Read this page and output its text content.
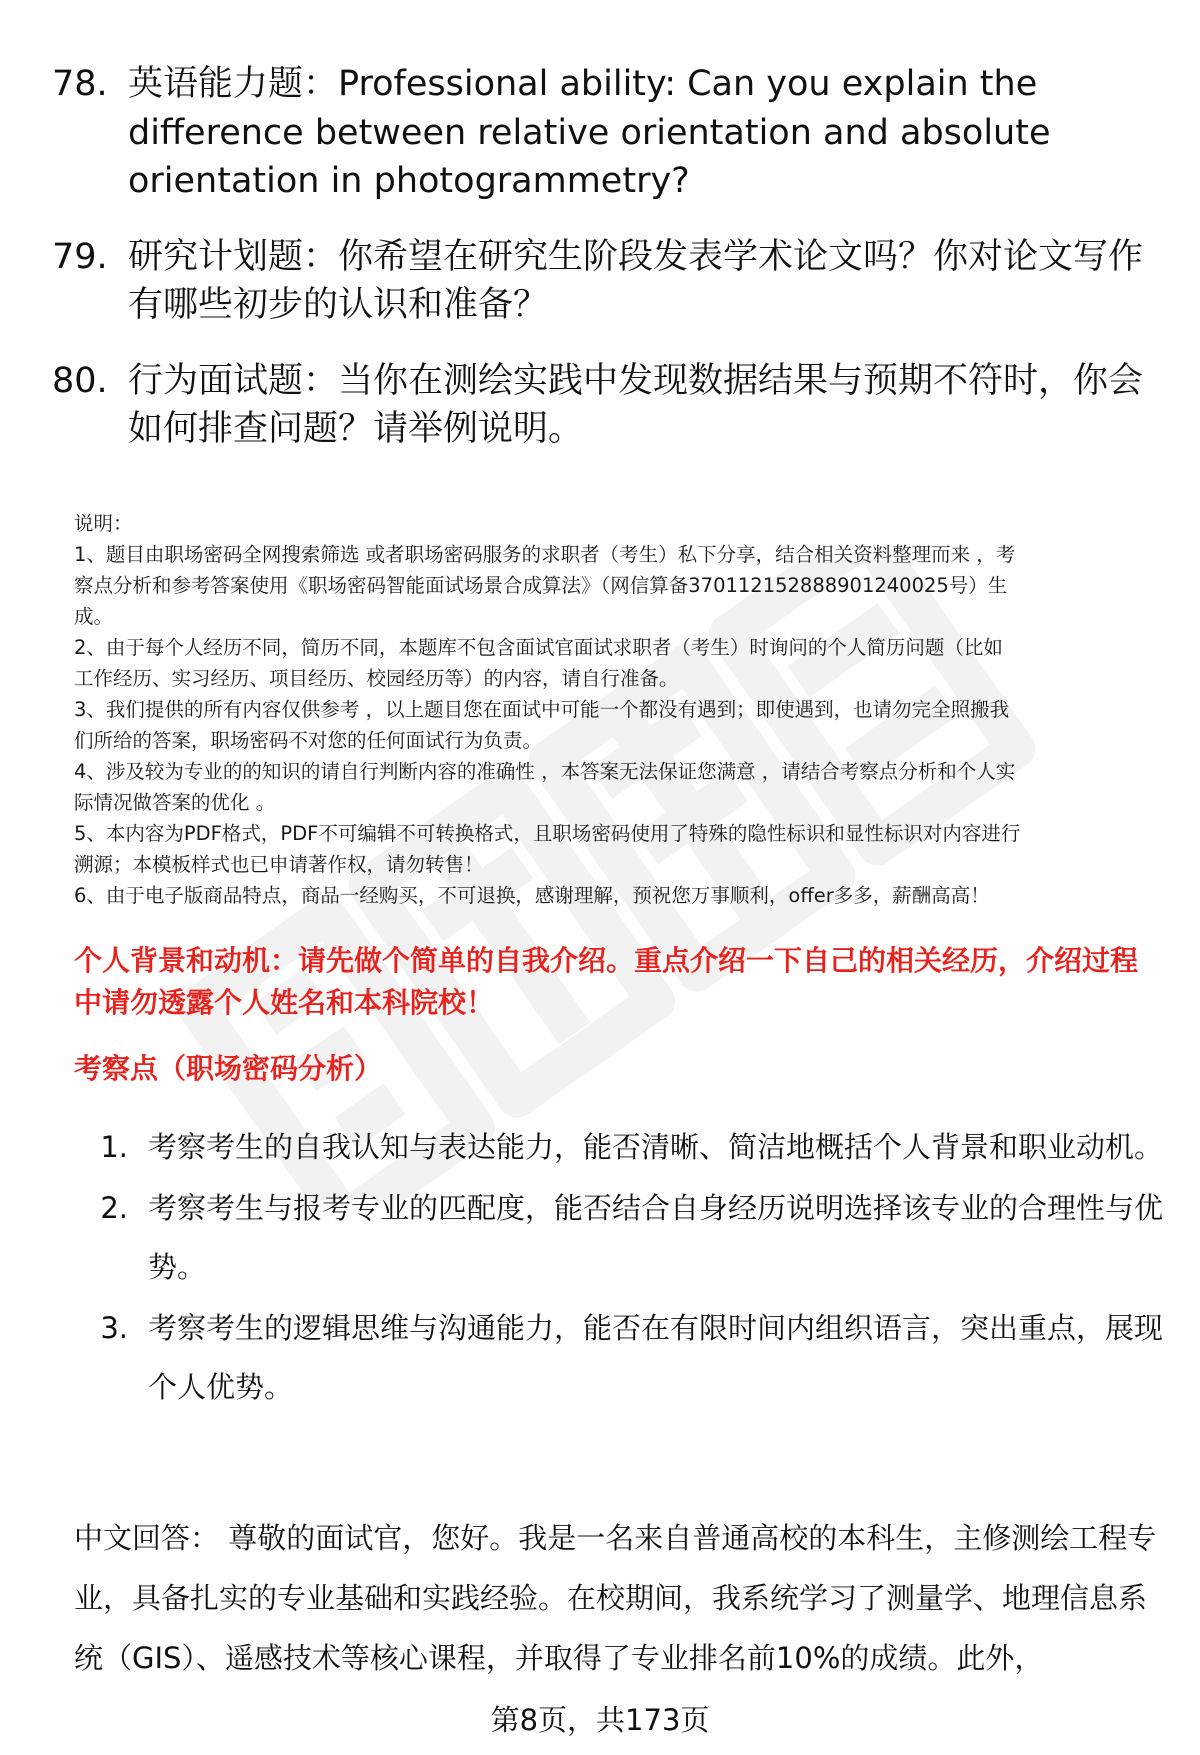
78. 英语能力题：Professional ability: Can you explain the difference between relative orientation and absolute orientation in photogrammetry?
79. 研究计划题：你希望在研究生阶段发表学术论文吗？你对论文写作有哪些初步的认识和准备？
80. 行为面试题：当你在测绘实践中发现数据结果与预期不符时，你会如何排查问题？请举例说明。

说明：

1、题目由职场密码全网搜索筛选 或者职场密码服务的求职者（考生）私下分享，结合相关资料整理而来 ，考

察点分析和参考答案使用《职场密码智能面试场景合成算法》（网信算备370112152888901240025号）生

成。

2、由于每个人经历不同，简历不同，本题库不包含面试官面试求职者（考生）时询问的个人简历问题（比如

工作经历、实习经历、项目经历、校园经历等）的内容，请自行准备。

3、我们提供的所有内容仅供参考 ，以上题目您在面试中可能一个都没有遇到；即使遇到，也请勿完全照搬我

们所给的答案，职场密码不对您的任何面试行为负责。

4、涉及较为专业的的知识的请自行判断内容的准确性 ，本答案无法保证您满意 ，请结合考察点分析和个人实

际情况做答案的优化 。

5、本内容为PDF格式，PDF不可编辑不可转换格式，且职场密码使用了特殊的隐性标识和显性标识对内容进行

溯源；本模板样式也已申请著作权，请勿转售！

6、由于电子版商品特点，商品一经购买，不可退换，感谢理解，预祝您万事顺利，offer多多，薪酬高高！

个人背景和动机：请先做个简单的自我介绍。重点介绍一下自己的相关经历，介绍过程中请勿透露个人姓名和本科院校！
考察点（职场密码分析）
1. 考察考生的自我认知与表达能力，能否清晰、简洁地概括个人背景和职业动机。
2. 考察考生与报考专业的匹配度，能否结合自身经历说明选择该专业的合理性与优势。
3. 考察考生的逻辑思维与沟通能力，能否在有限时间内组织语言，突出重点，展现个人优势。
中文回答： 尊敬的面试官，您好。我是一名来自普通高校的本科生，主修测绘工程专业，具备扎实的专业基础和实践经验。在校期间，我系统学习了测量学、地理信息系统（GIS）、遥感技术等核心课程，并取得了专业排名前10%的成绩。此外，
第8页，共173页
